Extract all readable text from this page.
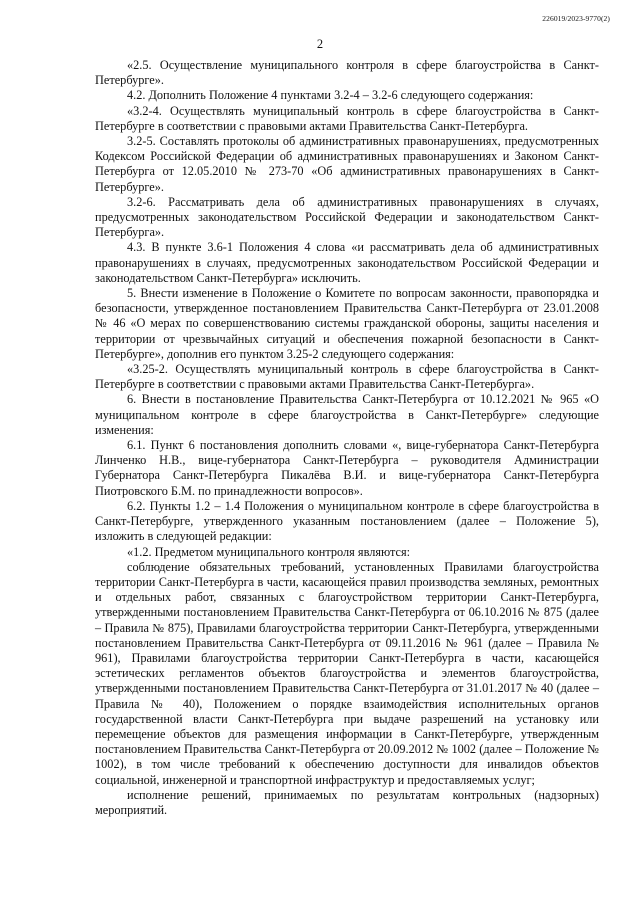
226019/2023-9770(2)
2

«2.5. Осуществление муниципального контроля в сфере благоустройства в Санкт-Петербурге».

4.2. Дополнить Положение 4 пунктами 3.2-4 – 3.2-6 следующего содержания:

«3.2-4. Осуществлять муниципальный контроль в сфере благоустройства в Санкт-Петербурге в соответствии с правовыми актами Правительства Санкт-Петербурга.

3.2-5. Составлять протоколы об административных правонарушениях, предусмотренных Кодексом Российской Федерации об административных правонарушениях и Законом Санкт-Петербурга от 12.05.2010 № 273-70 «Об административных правонарушениях в Санкт-Петербурге».

3.2-6. Рассматривать дела об административных правонарушениях в случаях, предусмотренных законодательством Российской Федерации и законодательством Санкт-Петербурга».

4.3. В пункте 3.6-1 Положения 4 слова «и рассматривать дела об административных правонарушениях в случаях, предусмотренных законодательством Российской Федерации и законодательством Санкт-Петербурга» исключить.

5. Внести изменение в Положение о Комитете по вопросам законности, правопорядка и безопасности, утвержденное постановлением Правительства Санкт-Петербурга от 23.01.2008 № 46 «О мерах по совершенствованию системы гражданской обороны, защиты населения и территории от чрезвычайных ситуаций и обеспечения пожарной безопасности в Санкт-Петербурге», дополнив его пунктом 3.25-2 следующего содержания:

«3.25-2. Осуществлять муниципальный контроль в сфере благоустройства в Санкт-Петербурге в соответствии с правовыми актами Правительства Санкт-Петербурга».

6. Внести в постановление Правительства Санкт-Петербурга от 10.12.2021 № 965 «О муниципальном контроле в сфере благоустройства в Санкт-Петербурге» следующие изменения:

6.1. Пункт 6 постановления дополнить словами «, вице-губернатора Санкт-Петербурга Линченко Н.В., вице-губернатора Санкт-Петербурга – руководителя Администрации Губернатора Санкт-Петербурга Пикалёва В.И. и вице-губернатора Санкт-Петербурга Пиотровского Б.М. по принадлежности вопросов».

6.2. Пункты 1.2 – 1.4 Положения о муниципальном контроле в сфере благоустройства в Санкт-Петербурге, утвержденного указанным постановлением (далее – Положение 5), изложить в следующей редакции:

«1.2. Предметом муниципального контроля являются:

соблюдение обязательных требований, установленных Правилами благоустройства территории Санкт-Петербурга в части, касающейся правил производства земляных, ремонтных и отдельных работ, связанных с благоустройством территории Санкт-Петербурга, утвержденными постановлением Правительства Санкт-Петербурга от 06.10.2016 № 875 (далее – Правила № 875), Правилами благоустройства территории Санкт-Петербурга, утвержденными постановлением Правительства Санкт-Петербурга от 09.11.2016 № 961 (далее – Правила № 961), Правилами благоустройства территории Санкт-Петербурга в части, касающейся эстетических регламентов объектов благоустройства и элементов благоустройства, утвержденными постановлением Правительства Санкт-Петербурга от 31.01.2017 № 40 (далее – Правила № 40), Положением о порядке взаимодействия исполнительных органов государственной власти Санкт-Петербурга при выдаче разрешений на установку или перемещение объектов для размещения информации в Санкт-Петербурге, утвержденным постановлением Правительства Санкт-Петербурга от 20.09.2012 № 1002 (далее – Положение № 1002), в том числе требований к обеспечению доступности для инвалидов объектов социальной, инженерной и транспортной инфраструктур и предоставляемых услуг;

исполнение решений, принимаемых по результатам контрольных (надзорных) мероприятий.
